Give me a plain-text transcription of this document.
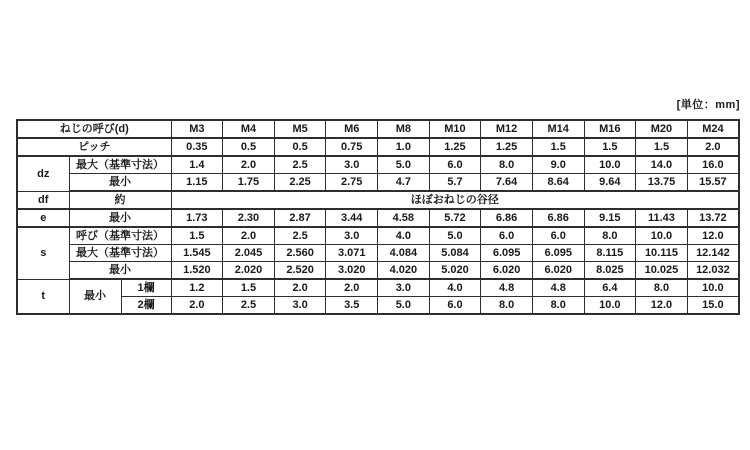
[単位：mm]
ねじの呼び(d)			M3	M4	M5	M6	M8	M10	M12	M14	M16	M20	M24
ピッチ			0.35	0.5	0.5	0.75	1.0	1.25	1.25	1.5	1.5	1.5	2.0
dz	最大（基準寸法）		1.4	2.0	2.5	3.0	5.0	6.0	8.0	9.0	10.0	14.0	16.0
	最小		1.15	1.75	2.25	2.75	4.7	5.7	7.64	8.64	9.64	13.75	15.57
df	約		ほぼおねじの谷径										
e	最小		1.73	2.30	2.87	3.44	4.58	5.72	6.86	6.86	9.15	11.43	13.72
s	呼び（基準寸法）		1.5	2.0	2.5	3.0	4.0	5.0	6.0	6.0	8.0	10.0	12.0
	最大（基準寸法）		1.545	2.045	2.560	3.071	4.084	5.084	6.095	6.095	8.115	10.115	12.142
	最小		1.520	2.020	2.520	3.020	4.020	5.020	6.020	6.020	8.025	10.025	12.032
t	最小	1欄	1.2	1.5	2.0	2.0	3.0	4.0	4.8	4.8	6.4	8.0	10.0
		2欄	2.0	2.5	3.0	3.5	5.0	6.0	8.0	8.0	10.0	12.0	15.0
